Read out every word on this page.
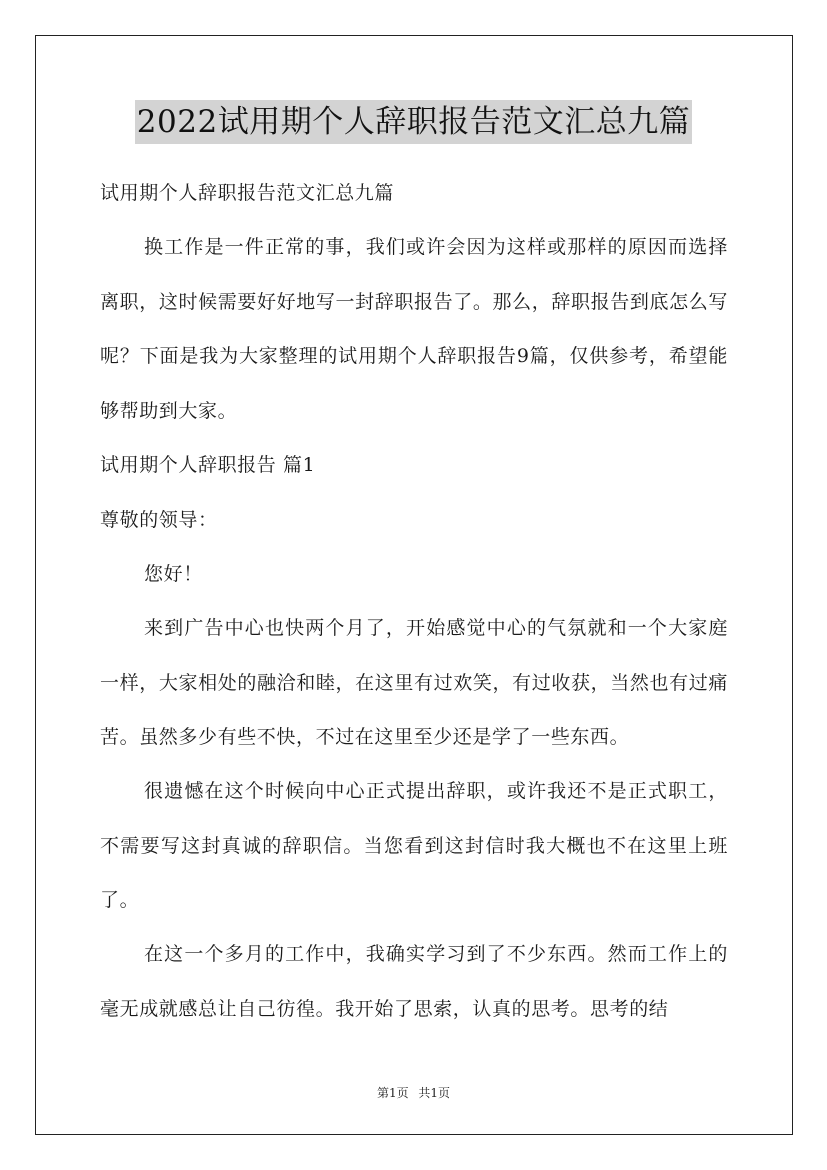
2022试用期个人辞职报告范文汇总九篇

试用期个人辞职报告范文汇总九篇

换工作是一件正常的事，我们或许会因为这样或那样的原因而选择离职，这时候需要好好地写一封辞职报告了。那么，辞职报告到底怎么写呢？下面是我为大家整理的试用期个人辞职报告9篇，仅供参考，希望能够帮助到大家。

试用期个人辞职报告 篇1

尊敬的领导：

您好！

来到广告中心也快两个月了，开始感觉中心的气氛就和一个大家庭一样，大家相处的融洽和睦，在这里有过欢笑，有过收获，当然也有过痛苦。虽然多少有些不快，不过在这里至少还是学了一些东西。

很遗憾在这个时候向中心正式提出辞职，或许我还不是正式职工，不需要写这封真诚的辞职信。当您看到这封信时我大概也不在这里上班了。

在这一个多月的工作中，我确实学习到了不少东西。然而工作上的毫无成就感总让自己彷徨。我开始了思索，认真的思考。思考的结

第1页 共1页
